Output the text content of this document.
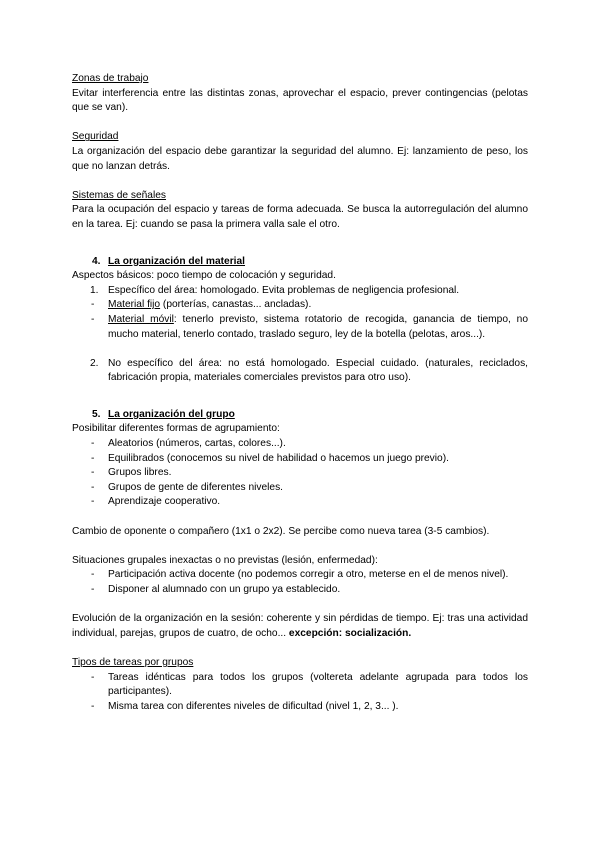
Zonas de trabajo

Evitar interferencia entre las distintas zonas, aprovechar el espacio, prever contingencias (pelotas que se van).

Seguridad

La organización del espacio debe garantizar la seguridad del alumno. Ej: lanzamiento de peso, los que no lanzan detrás.

Sistemas de señales

Para la ocupación del espacio y tareas de forma adecuada. Se busca la autorregulación del alumno en la tarea. Ej: cuando se pasa la primera valla sale el otro.

4. La organización del material

Aspectos básicos: poco tiempo de colocación y seguridad.

1. Específico del área: homologado. Evita problemas de negligencia profesional.
-	Material fijo (porterías, canastas... ancladas).
-	Material móvil: tenerlo previsto, sistema rotatorio de recogida, ganancia de tiempo, no mucho material, tenerlo contado, traslado seguro, ley de la botella (pelotas, aros...).
2. No específico del área: no está homologado. Especial cuidado. (naturales, reciclados, fabricación propia, materiales comerciales previstos para otro uso).
5. La organización del grupo

Posibilitar diferentes formas de agrupamiento:

-	Aleatorios (números, cartas, colores...).
-	Equilibrados (conocemos su nivel de habilidad o hacemos un juego previo).
-	Grupos libres.
-	Grupos de gente de diferentes niveles.
-	Aprendizaje cooperativo.

Cambio de oponente o compañero (1x1 o 2x2). Se percibe como nueva tarea (3-5 cambios).

Situaciones grupales inexactas o no previstas (lesión, enfermedad):

-	Participación activa docente (no podemos corregir a otro, meterse en el de menos nivel).
-	Disponer al alumnado con un grupo ya establecido.

Evolución de la organización en la sesión: coherente y sin pérdidas de tiempo. Ej: tras una actividad individual, parejas, grupos de cuatro, de ocho... excepción: socialización.

Tipos de tareas por grupos

-	Tareas idénticas para todos los grupos (voltereta adelante agrupada para todos los participantes).
-	Misma tarea con diferentes niveles de dificultad (nivel 1, 2, 3... ).
